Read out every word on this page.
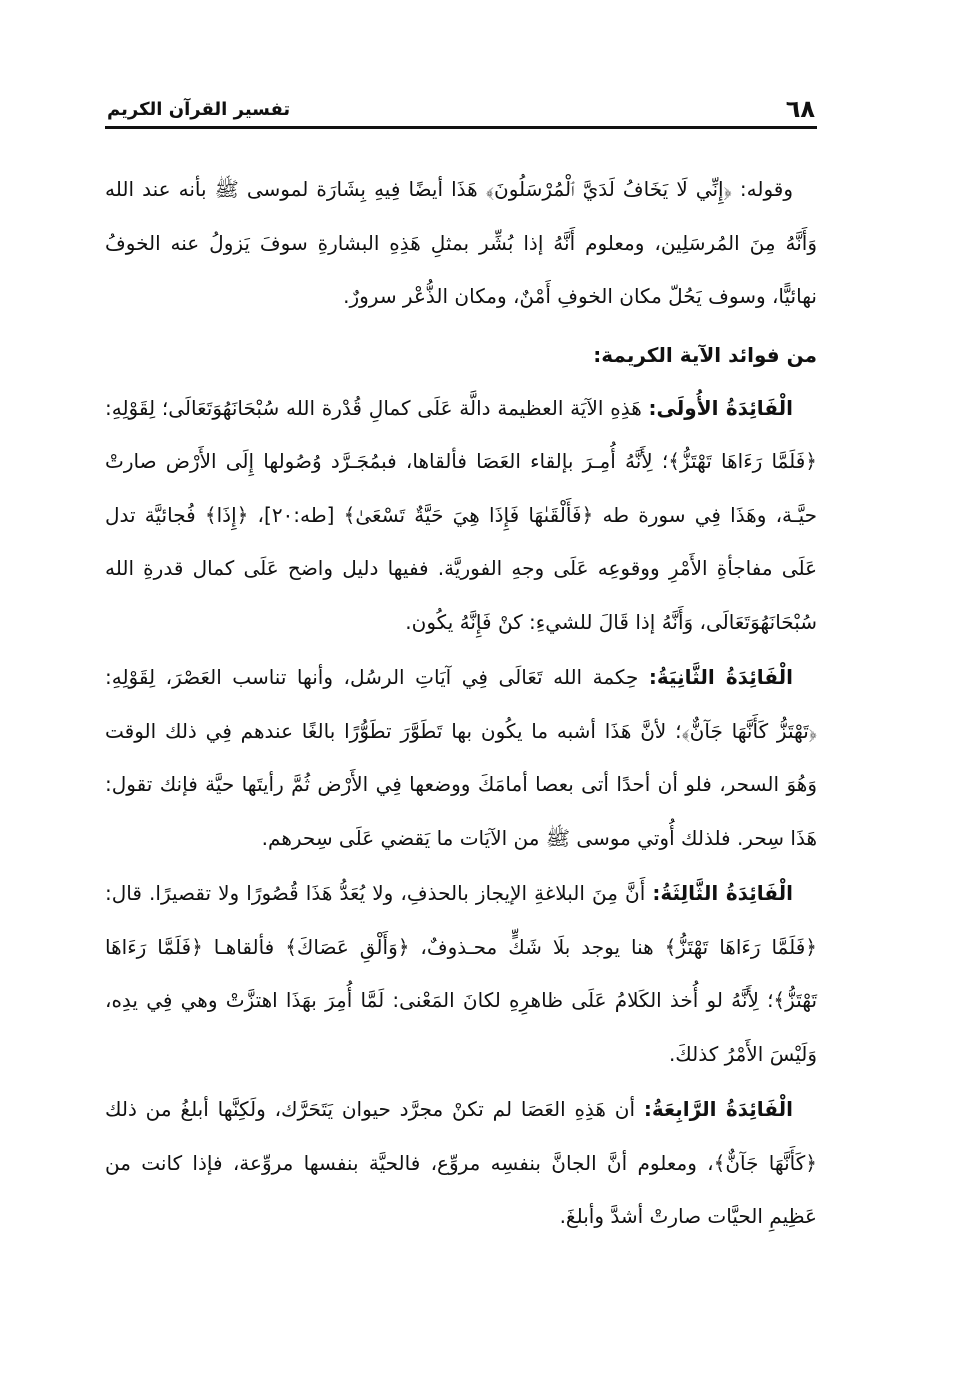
٦٨
تفسير القرآن الكريم

وقوله: ﴿إِنِّي لَا يَخَافُ لَدَيَّ ٱلْمُرْسَلُونَ﴾ هَذَا أيضًا فِيهِ بِشَارَة لموسى ﷺ بأنه عند الله وَأَنَّهُ مِنَ المُرسَلِين، ومعلوم أَنَّهُ إذا بُشِّر بمثلِ هَذِهِ البشارةِ سوفَ يَزولُ عنه الخوفُ نهائيًّا، وسوف يَحُلّ مكان الخوفِ أَمْنٌ، ومكان الذُّعْر سرورٌ.

من فوائد الآية الكريمة:

الْفَائِدَةُ الأُولَى: هَذِهِ الآيَة العظيمة دالَّة عَلَى كمالِ قُدْرة الله سُبْحَانَهُوَتَعَالَى؛ لِقَوْلِهِ: ﴿فَلَمَّا رَءَاهَا تَهْتَزُّ﴾؛ لِأَنَّهُ أُمِـرَ بإلقاء العَصَا فألقاها، فبمُجَـرَّد وُصُولها إِلَى الأَرْض صارتْ حيَّـة، وهَذَا فِي سورة طه ﴿فَأَلْقَىٰهَا فَإِذَا هِيَ حَيَّةٌ تَسْعَىٰ﴾ [طه:٢٠]، ﴿إِذَا﴾ فُجائيَّة تدل عَلَى مفاجأةِ الأَمْرِ ووقوعِه عَلَى وجهِ الفوريَّة. ففيها دليل واضح عَلَى كمال قدرةِ الله سُبْحَانَهُوَتَعَالَى، وَأَنَّهُ إذا قَالَ للشيءِ: كنْ فَإِنَّهُ يكُون.

الْفَائِدَةُ الثَّانِيَةُ: حِكمة الله تَعَالَى فِي آيَاتِ الرسُل، وأنها تناسب العَصْرَ، لِقَوْلِهِ: ﴿تَهْتَزُّ كَأَنَّهَا جَآنٌّ﴾؛ لأنَّ هَذَا أشبه ما يكُون بها تَطَوَّرَ تطَوُّرًا بالغًا عندهم فِي ذلك الوقت وَهُوَ السحر، فلو أن أحدًا أتى بعصا أمامَكَ ووضعها فِي الأَرْض ثُمَّ رأيتَها حيَّة فإنك تقول: هَذَا سِحر. فلذلك أُوتي موسى ﷺ من الآيَات ما يَقضي عَلَى سِحرهم.

الْفَائِدَةُ الثَّالِثَةُ: أَنَّ مِنَ البلاغةِ الإيجاز بالحذفِ، ولا يُعَدُّ هَذَا قُصُورًا ولا تقصيرًا. قال: ﴿فَلَمَّا رَءَاهَا تَهْتَزُّ﴾ هنا يوجد بلَا شَكٍّ محـذوفٌ، ﴿وَأَلْقِ عَصَاكَ﴾ فألقاهـا ﴿فَلَمَّا رَءَاهَا تَهْتَزُّ﴾؛ لِأَنَّهُ لو أُخذ الكَلامُ عَلَى ظاهرِهِ لكانَ المَعْنى: لَمَّا أُمِرَ بهَذَا اهتزَّتْ وهي فِي يدِه، وَلَيْسَ الأَمْرُ كذلكَ.

الْفَائِدَةُ الرَّابِعَةُ: أن هَذِهِ العَصَا لم تكنْ مجرَّد حيوان يَتَحَرَّك، ولَكِنَّها أبلغُ من ذلك ﴿كَأَنَّهَا جَآنٌّ﴾، ومعلوم أنَّ الجانَّ بنفسِه مروِّع، فالحيَّة بنفسها مروِّعة، فإذا كانت من عَظِيمِ الحيَّات صارتْ أشدَّ وأبلغَ.
